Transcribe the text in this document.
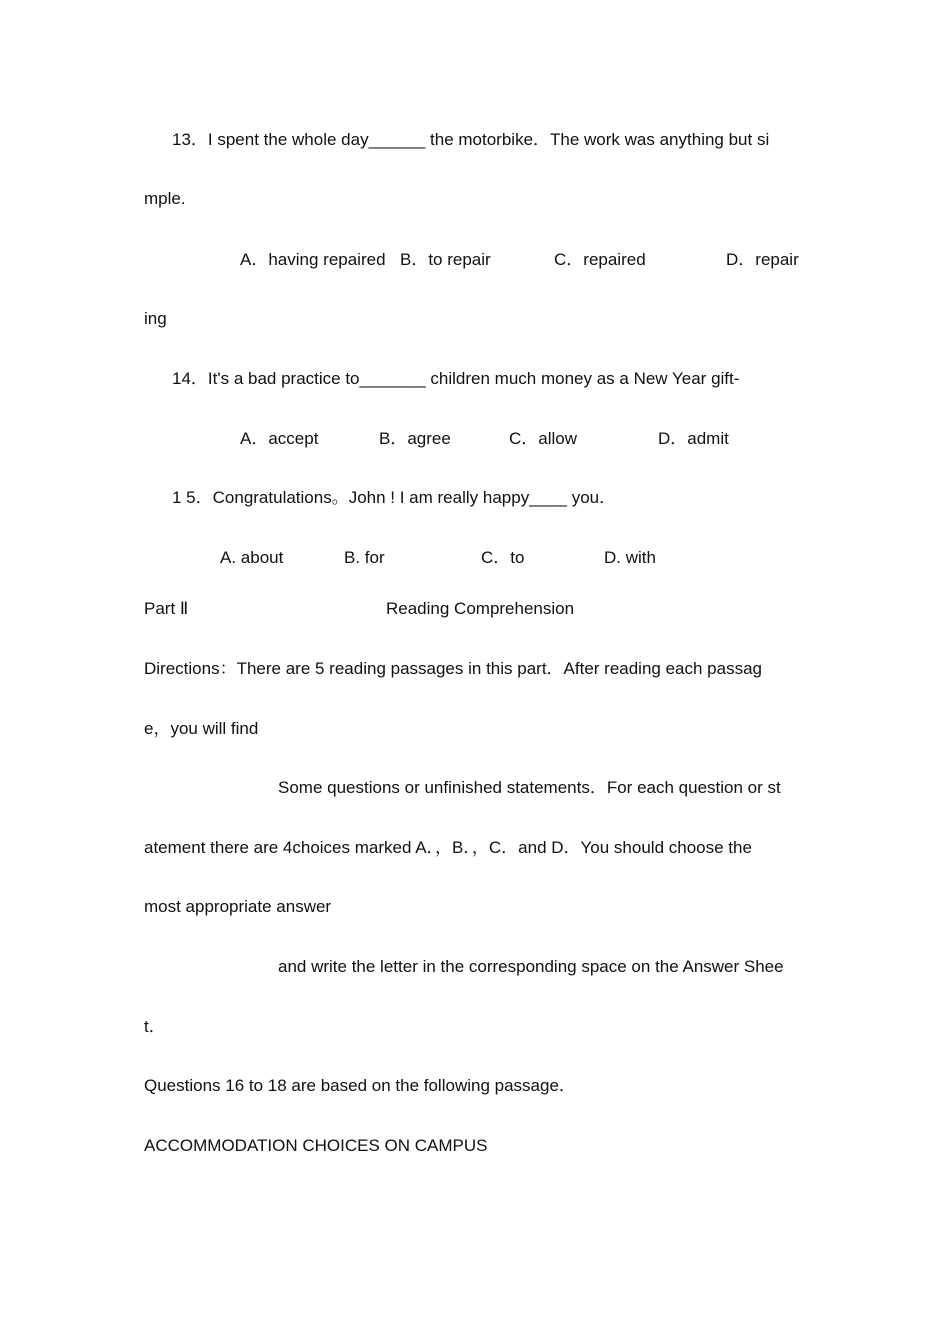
13．I spent the whole day______ the motorbike．The work was anything but si
mple.
A．having repaired B．to repair	C．repaired	D．repair
ing
14．It's a bad practice to_______ children much money as a New Year gift-
A．accept	B．agree	C．allow	D．admit
1 5．Congratulations。John ! I am really happy____ you．
A. about	B. for	C．to	D. with
Part Ⅱ	Reading Comprehension
Directions：There are 5 reading passages in this part．After reading each passag
e，you will find
Some questions or unfinished statements．For each question or st
atement there are 4choices marked A．，B．，C．and D．You should choose the
most appropriate answer
and write the letter in the corresponding space on the Answer Shee
t．
Questions 16 to 18 are based on the following passage．
ACCOMMODATION CHOICES ON CAMPUS
